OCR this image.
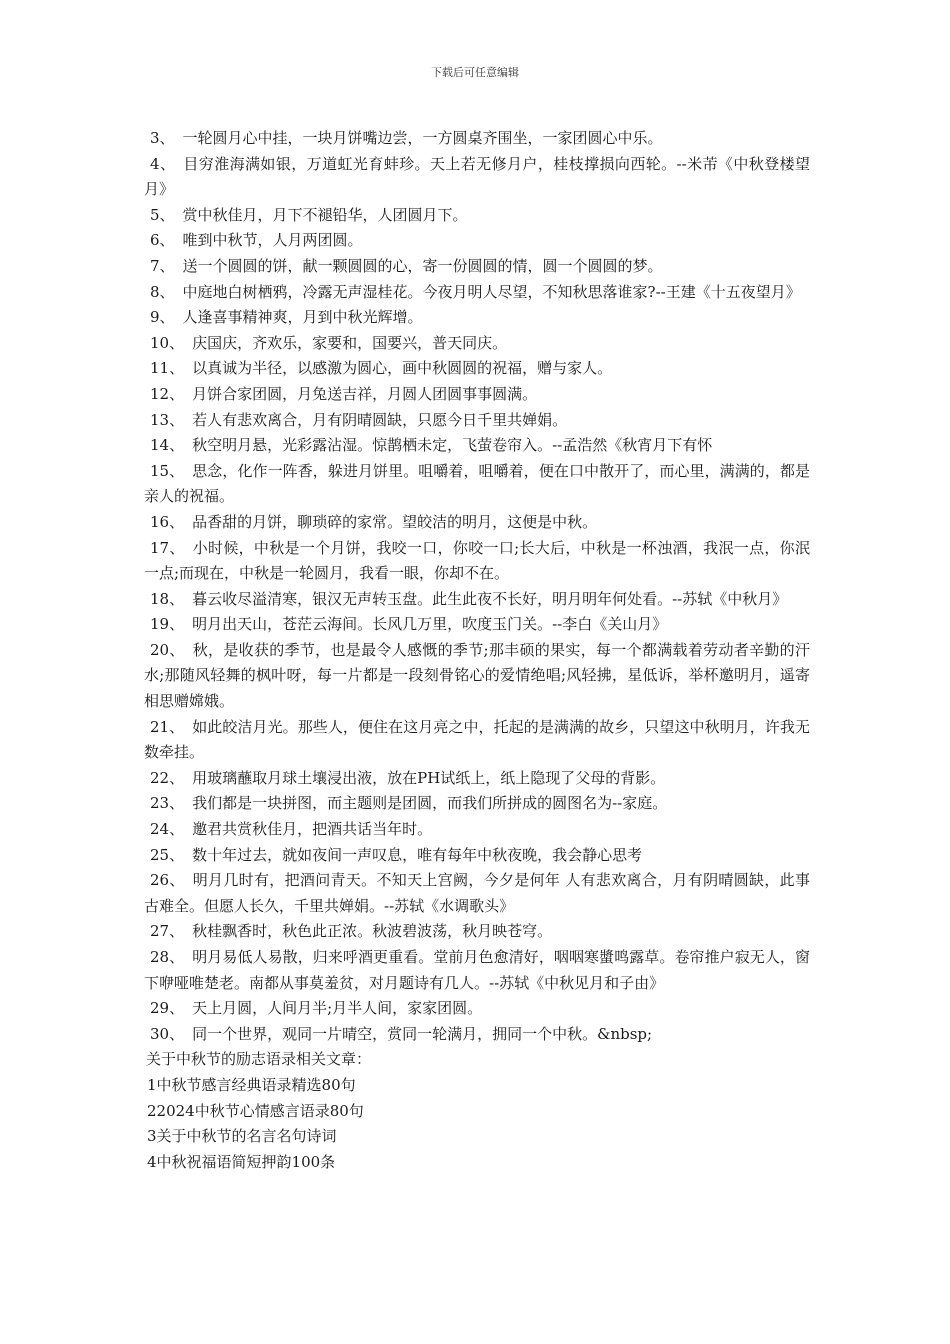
下载后可任意编辑

3、 一轮圆月心中挂，一块月饼嘴边尝，一方圆桌齐围坐，一家团圆心中乐。

4、 目穷淮海满如银，万道虹光育蚌珍。天上若无修月户，桂枝撑损向西轮。--米芾《中秋登楼望月》

5、 赏中秋佳月，月下不褪铅华，人团圆月下。

6、 唯到中秋节，人月两团圆。

7、 送一个圆圆的饼，献一颗圆圆的心，寄一份圆圆的情，圆一个圆圆的梦。

8、 中庭地白树栖鸦，冷露无声湿桂花。今夜月明人尽望，不知秋思落谁家?--王建《十五夜望月》

9、 人逢喜事精神爽，月到中秋光辉增。

10、 庆国庆，齐欢乐，家要和，国要兴，普天同庆。

11、 以真诚为半径，以感激为圆心，画中秋圆圆的祝福，赠与家人。

12、 月饼合家团圆，月兔送吉祥，月圆人团圆事事圆满。

13、 若人有悲欢离合，月有阴晴圆缺，只愿今日千里共婵娟。

14、 秋空明月悬，光彩露沾湿。惊鹊栖未定，飞萤卷帘入。--孟浩然《秋宵月下有怀

15、 思念，化作一阵香，躲进月饼里。咀嚼着，咀嚼着，便在口中散开了，而心里，满满的，都是亲人的祝福。

16、 品香甜的月饼，聊琐碎的家常。望皎洁的明月，这便是中秋。

17、 小时候，中秋是一个月饼，我咬一口，你咬一口;长大后，中秋是一杯浊酒，我泯一点，你泯一点;而现在，中秋是一轮圆月，我看一眼，你却不在。

18、 暮云收尽溢清寒，银汉无声转玉盘。此生此夜不长好，明月明年何处看。--苏轼《中秋月》

19、 明月出天山，苍茫云海间。长风几万里，吹度玉门关。--李白《关山月》

20、 秋，是收获的季节，也是最令人感慨的季节;那丰硕的果实，每一个都满载着劳动者辛勤的汗水;那随风轻舞的枫叶呀，每一片都是一段刻骨铭心的爱情绝唱;风轻拂，星低诉，举杯邀明月，遥寄相思赠嫦娥。

21、 如此皎洁月光。那些人，便住在这月亮之中，托起的是满满的故乡，只望这中秋明月，许我无数牵挂。

22、 用玻璃蘸取月球土壤浸出液，放在PH试纸上，纸上隐现了父母的背影。

23、 我们都是一块拼图，而主题则是团圆，而我们所拼成的圆图名为--家庭。

24、 邀君共赏秋佳月，把酒共话当年时。

25、 数十年过去，就如夜间一声叹息，唯有每年中秋夜晚，我会静心思考

26、 明月几时有，把酒问青天。不知天上宫阙，今夕是何年 人有悲欢离合，月有阴晴圆缺，此事古难全。但愿人长久，千里共婵娟。--苏轼《水调歌头》

27、 秋桂飘香时，秋色此正浓。秋波碧波荡，秋月映苍穹。

28、 明月易低人易散，归来呼酒更重看。堂前月色愈清好，咽咽寒螿鸣露草。卷帘推户寂无人，窗下咿哑唯楚老。南都从事莫羞贫，对月题诗有几人。--苏轼《中秋见月和子由》

29、 天上月圆，人间月半;月半人间，家家团圆。

30、 同一个世界，观同一片晴空，赏同一轮满月，拥同一个中秋。&nbsp;

关于中秋节的励志语录相关文章：

1中秋节感言经典语录精选80句

22024中秋节心情感言语录80句

3关于中秋节的名言名句诗词

4中秋祝福语简短押韵100条
